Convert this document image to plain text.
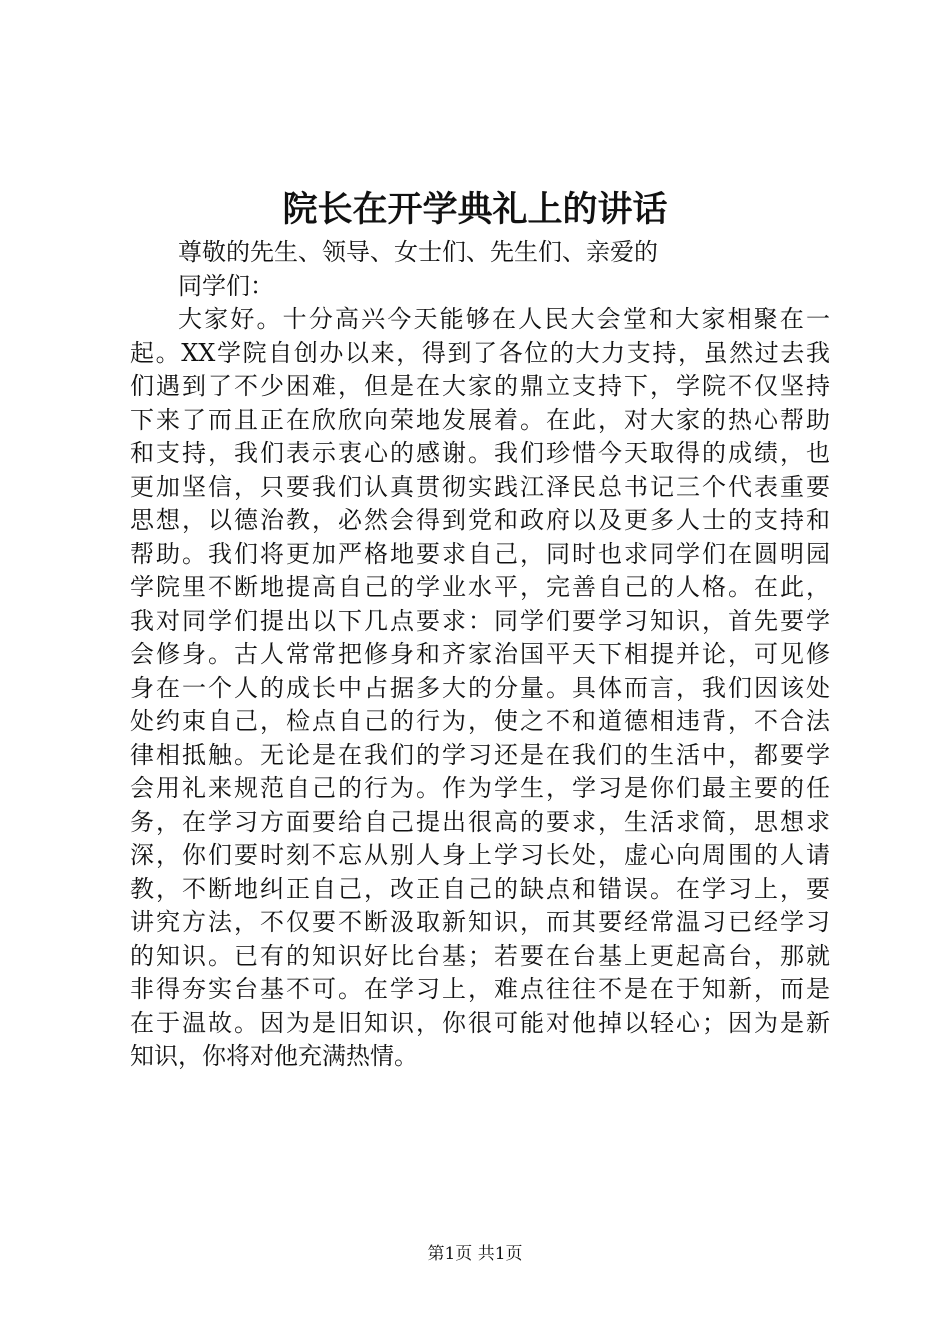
院长在开学典礼上的讲话
尊敬的先生、领导、女士们、先生们、亲爱的
同学们：
大家好。十分高兴今天能够在人民大会堂和大家相聚在一
起。XX学院自创办以来，得到了各位的大力支持，虽然过去我
们遇到了不少困难，但是在大家的鼎立支持下，学院不仅坚持
下来了而且正在欣欣向荣地发展着。在此，对大家的热心帮助
和支持，我们表示衷心的感谢。我们珍惜今天取得的成绩，也
更加坚信，只要我们认真贯彻实践江泽民总书记三个代表重要
思想，以德治教，必然会得到党和政府以及更多人士的支持和
帮助。我们将更加严格地要求自己，同时也求同学们在圆明园
学院里不断地提高自己的学业水平，完善自己的人格。在此，
我对同学们提出以下几点要求：同学们要学习知识，首先要学
会修身。古人常常把修身和齐家治国平天下相提并论，可见修
身在一个人的成长中占据多大的分量。具体而言，我们因该处
处约束自己，检点自己的行为，使之不和道德相违背，不合法
律相抵触。无论是在我们的学习还是在我们的生活中，都要学
会用礼来规范自己的行为。作为学生，学习是你们最主要的任
务，在学习方面要给自己提出很高的要求，生活求简，思想求
深，你们要时刻不忘从别人身上学习长处，虚心向周围的人请
教，不断地纠正自己，改正自己的缺点和错误。在学习上，要
讲究方法，不仅要不断汲取新知识，而其要经常温习已经学习
的知识。已有的知识好比台基；若要在台基上更起高台，那就
非得夯实台基不可。在学习上，难点往往不是在于知新，而是
在于温故。因为是旧知识，你很可能对他掉以轻心；因为是新
知识，你将对他充满热情。
第1页 共1页
